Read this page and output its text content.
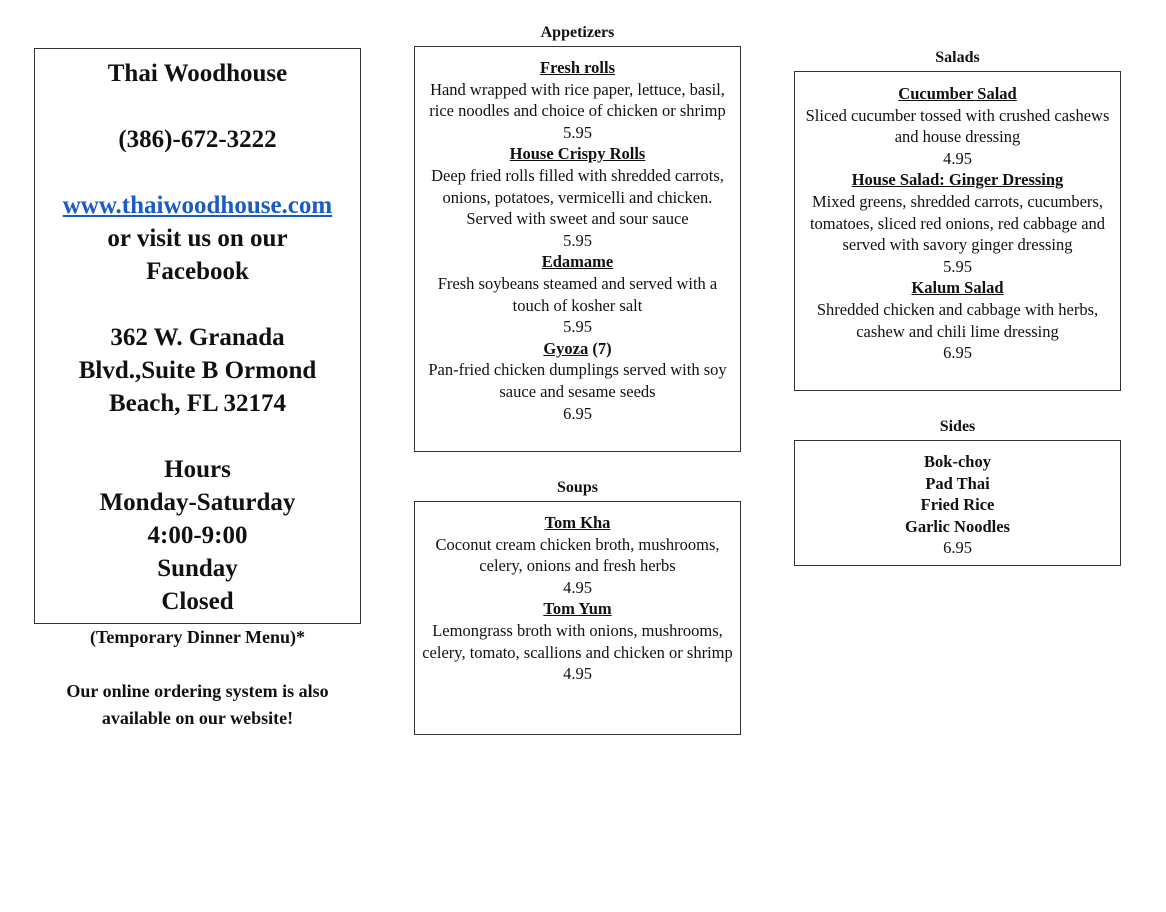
Thai Woodhouse
(386)-672-3222
www.thaiwoodhouse.com
or visit us on our
Facebook
362 W. Granada
Blvd.,Suite B Ormond
Beach, FL 32174
Hours
Monday-Saturday
4:00-9:00
Sunday
Closed
(Temporary Dinner Menu)*
Our online ordering system is also
available on our website!
Appetizers
Fresh rolls
Hand wrapped with rice paper, lettuce, basil, rice noodles and choice of chicken or shrimp
5.95
House Crispy Rolls
Deep fried rolls filled with shredded carrots, onions, potatoes, vermicelli and chicken. Served with sweet and sour sauce
5.95
Edamame
Fresh soybeans steamed and served with a touch of kosher salt
5.95
Gyoza (7)
Pan-fried chicken dumplings served with soy sauce and sesame seeds
6.95
Soups
Tom Kha
Coconut cream chicken broth, mushrooms, celery, onions and fresh herbs
4.95
Tom Yum
Lemongrass broth with onions, mushrooms, celery, tomato, scallions and chicken or shrimp
4.95
Salads
Cucumber Salad
Sliced cucumber tossed with crushed cashews and house dressing
4.95
House Salad: Ginger Dressing
Mixed greens, shredded carrots, cucumbers, tomatoes, sliced red onions, red cabbage and served with savory ginger dressing
5.95
Kalum Salad
Shredded chicken and cabbage with herbs, cashew and chili lime dressing
6.95
Sides
Bok-choy
Pad Thai
Fried Rice
Garlic Noodles
6.95
